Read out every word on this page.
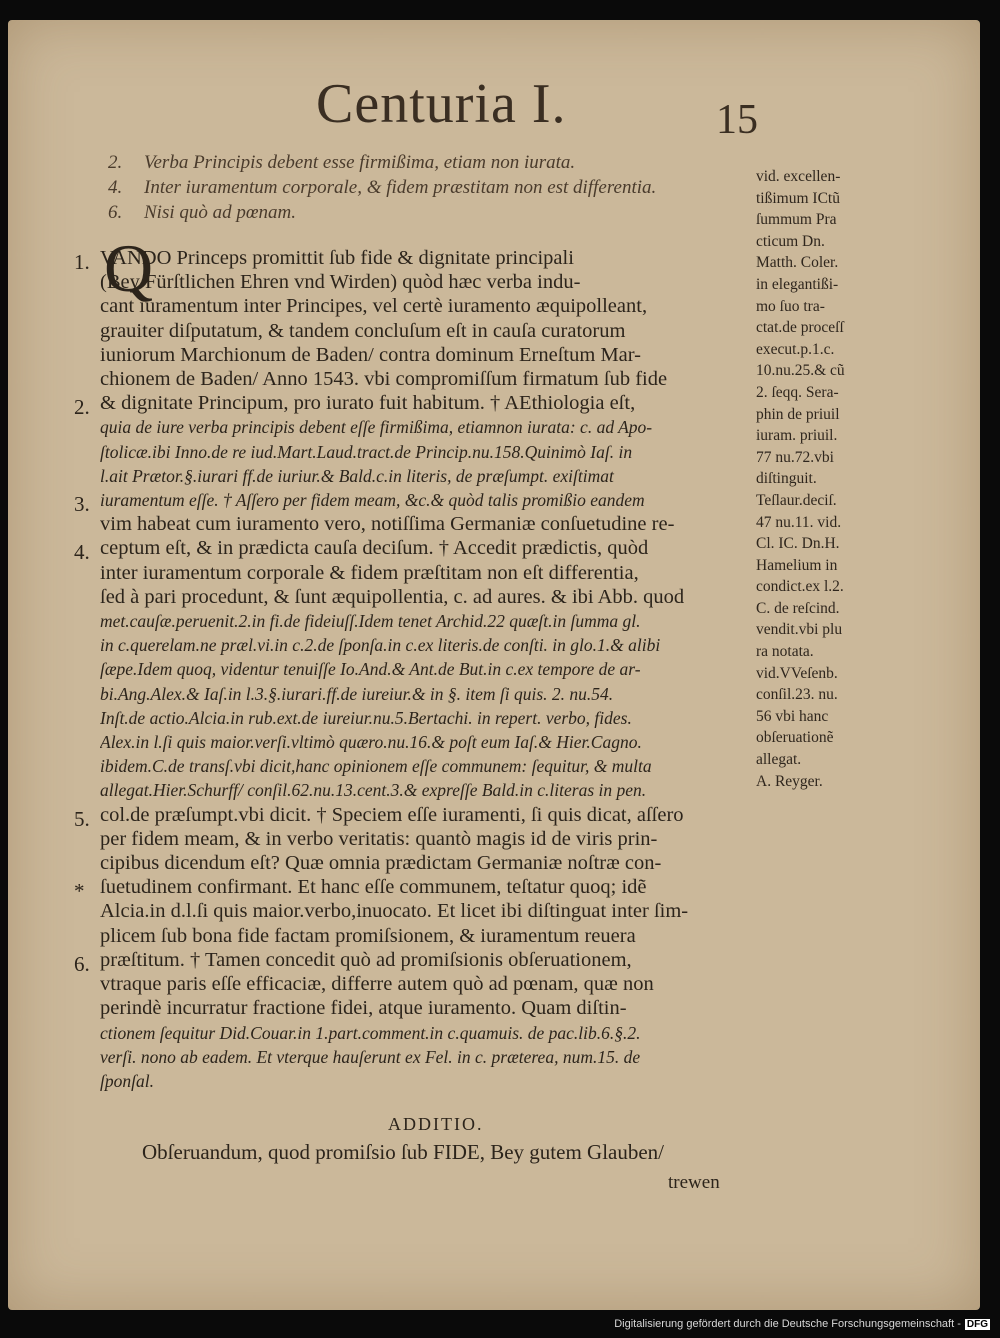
Centuria I.	15
2. Verba Principis debent esse firmißima, etiam non iurata.
4. Inter iuramentum corporale, & fidem præstitam non est differentia.
6. Nisi quò ad pœnam.
vid. excellen-
tißimum ICtũ
ſummum Pra
cticum Dn.
Matth. Coler.
in elegantißi-
mo ſuo tra-
ctat.de proceſſ
execut.p.1.c.
10.nu.25.& cũ
2. ſeqq. Sera-
phin de priuil
iuram. priuil.
77 nu.72.vbi
diſtinguit.
Teſlaur.deciſ.
47 nu.11. vid.
Cl. IC. Dn.H.
Hamelium in
condict.ex l.2.
C. de reſcind.
vendit.vbi plu
ra notata.
vid.VVeſenb.
conſil.23. nu.
56 vbi hanc
obſeruationẽ
allegat.
A. Reyger.
Q
1.
2.
3.
4.
5.
*
6.
VANDO Princeps promittit ſub fide & dignitate principali
(Bey Fürſtlichen Ehren vnd Wirden) quòd hæc verba indu-
cant iuramentum inter Principes, vel certè iuramento æquipolleant,
grauiter diſputatum, & tandem concluſum eſt in cauſa curatorum
iuniorum Marchionum de Baden/ contra dominum Erneſtum Mar-
chionem de Baden/ Anno 1543. vbi compromiſſum firmatum ſub fide
& dignitate Principum, pro iurato fuit habitum. † AEthiologia eſt,
quia de iure verba principis debent eſſe firmißima, etiamnon iurata: c. ad Apo-
ſtolicæ.ibi Inno.de re iud.Mart.Laud.tract.de Princip.nu.158.Quinimò Iaſ. in
l.ait Prætor.§.iurari ff.de iuriur.& Bald.c.in literis, de præſumpt. exiſtimat
iuramentum eſſe. † Aſſero per fidem meam, &c.& quòd talis promißio eandem
vim habeat cum iuramento vero, notiſſima Germaniæ conſuetudine re-
ceptum eſt, & in prædicta cauſa deciſum. † Accedit prædictis, quòd
inter iuramentum corporale & fidem præſtitam non eſt differentia,
ſed à pari procedunt, & ſunt æquipollentia, c. ad aures. & ibi Abb. quod
met.cauſæ.peruenit.2.in fi.de fideiuſſ.Idem tenet Archid.22 quæſt.in ſumma gl.
in c.querelam.ne præl.vi.in c.2.de ſponſa.in c.ex literis.de conſti. in glo.1.& alibi
ſæpe.Idem quoq, videntur tenuiſſe Io.And.& Ant.de But.in c.ex tempore de ar-
bi.Ang.Alex.& Iaſ.in l.3.§.iurari.ff.de iureiur.& in §. item ſi quis. 2. nu.54.
Inſt.de actio.Alcia.in rub.ext.de iureiur.nu.5.Bertachi. in repert. verbo, fides.
Alex.in l.ſi quis maior.verſi.vltimò quæro.nu.16.& poſt eum Iaſ.& Hier.Cagno.
ibidem.C.de transſ.vbi dicit,hanc opinionem eſſe communem: ſequitur, & multa
allegat.Hier.Schurff/ conſil.62.nu.13.cent.3.& expreſſe Bald.in c.literas in pen.
col.de præſumpt.vbi dicit. † Speciem eſſe iuramenti, ſi quis dicat, aſſero
per fidem meam, & in verbo veritatis: quantò magis id de viris prin-
cipibus dicendum eſt? Quæ omnia prædictam Germaniæ noſtræ con-
ſuetudinem confirmant. Et hanc eſſe communem, teſtatur quoq; idẽ
Alcia.in d.l.ſi quis maior.verbo,inuocato. Et licet ibi diſtinguat inter ſim-
plicem ſub bona fide factam promiſsionem, & iuramentum reuera
præſtitum. † Tamen concedit quò ad promiſsionis obſeruationem,
vtraque paris eſſe efficaciæ, differre autem quò ad pœnam, quæ non
perindè incurratur fractione fidei, atque iuramento. Quam diſtin-
ctionem ſequitur Did.Couar.in 1.part.comment.in c.quamuis. de pac.lib.6.§.2.
verſi. nono ab eadem. Et vterque hauſerunt ex Fel. in c. præterea, num.15. de
ſponſal.
ADDITIO.
Obſeruandum, quod promiſsio ſub FIDE, Bey gutem Glauben/
trewen
Digitalisierung gefördert durch die Deutsche Forschungsgemeinschaft - DFG
